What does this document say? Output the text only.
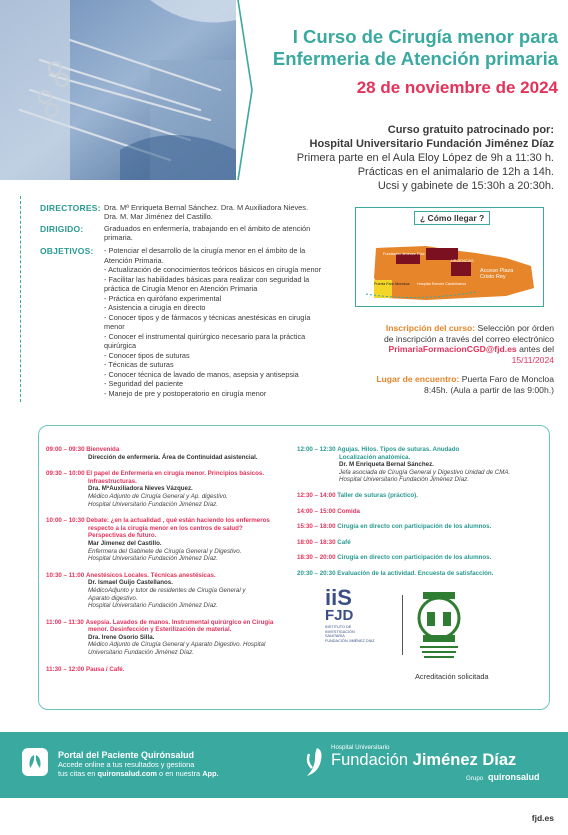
I Curso de Cirugía menor para
Enfermeria de Atención primaria
28 de noviembre de 2024
Curso gratuito patrocinado por:
Hospital Universitario Fundación Jiménez Díaz
Primera parte en el Aula Eloy López de 9h a 11:30 h.
Prácticas en el animalario de 12h a 14h.
Ucsi y gabinete de 15:30h a 20:30h.
DIRECTORES: Dra. Mª Enriqueta Bernal Sánchez. Dra. M Auxiliadora Nieves.
Dra. M. Mar Jiménez del Castillo.
DIRIGIDO:	Graduados en enfermería, trabajando en el ámbito de atención
primaria.
OBJETIVOS:
-	Potenciar el desarrollo de la cirugía menor en el ámbito de la Atención Primaria.
- Actualización de conocimientos teóricos básicos en cirugía menor
- Facilitar las habilidades básicas para realizar con seguridad la práctica de Cirugía Menor en Atención Primaria
- Práctica en quirófano experimental
- Asistencia a cirugía en directo
- Conocer tipos y de fármacos y técnicas anestésicas en cirugía menor
- Conocer el instrumental quirúrgico necesario para la práctica quirúrgica
- Conocer tipos de suturas
- Técnicas de suturas
- Conocer técnica de lavado de manos, asepsia y antisepsia
- Seguridad del paciente
- Manejo de pre y postoperatorio en cirugía menor
¿ Cómo llegar ?
URGENCIAS PEDIÁTRICAS
URGENCIAS
Puerta Faro Moncloa
Fundación Jiménez Díaz
Acceso Plaza Cristo Rey
Hospital Ramón Castelhanos
Inscripción del curso: Selección por órden
de inscripción a través del correo electrónico
PrimariaFormacionCGD@fjd.es antes del
15/11/2024
Lugar de encuentro: Puerta Faro de Moncloa
8:45h. (Aula a partir de las 9:00h.)
09:00 – 09:30 Bienvenida
Dirección de enfermería. Área de Continuidad asistencial.
09:30 – 10:00 El papel de Enfermeria en cirugía menor. Principios básicos.
Infraestructuras.
Dra. MªAuxiliadora Nieves Vázquez.
Médico Adjunto de Cirugía General y Ap. digestivo.
Hospital Universitario Fundación Jiménez Díaz.
10:00 – 10:30 Debate: ¿en la actualidad , qué están haciendo los enfermeros
respecto a la cirugía menor en los centros de salud?
Perspectivas de futuro.
Mar Jimenez del Castillo.
Enfermera del Gabinete de Cirugía General y Digestivo.
Hospital Universitario Fundación Jiménez Díaz.
10:30 – 11:00 Anestésicos Locales. Técnicas anestésicas.
Dr. Ismael Guijo Castellanos.
MédicoAdjunto y tutor de residentes de Cirugía General y
Aparato digestivo.
Hospital Universitario Fundación Jiménez Díaz.
11:00 – 11:30 Asepsia. Lavados de manos. Instrumental quirúrgico en Cirugía
menor. Desinfección y Esterilización de material.
Dra. Irene Osorio Silla.
Médico Adjunto de Cirugía General y Aparato Digestivo. Hospital
Universitario Fundación Jiménez Díaz.
11:30 – 12:00 Pausa / Café.
12:00 – 12:30 Agujas. Hilos. Tipos de suturas. Anudado
Localización anatómica.
Dr. M Enriqueta Bernal Sánchez.
Jefa asociada de Cirugía General y Digestivo Unidad de CMA.
Hospital Universitario Fundación Jiménez Díaz.
12:30 – 14:00 Taller de suturas (práctico).
14:00 – 15:00 Comida
15:30 – 18:00 Cirugía en directo con participación de los alumnos.
18:00 – 18:30 Café
18:30 – 20:00 Cirugía en directo con participación de los alumnos.
20:30 – 20:30 Evaluación de la actividad. Encuesta de satisfacción.
iiS
FJD
INSTITUTO DE
INVESTIGACIÓN
SANITARIA
FUNDACIÓN JIMÉNEZ DÍAZ
Acreditación solicitada
Portal del Paciente Quirónsalud
Accede online a tus resultados y gestiona
tus citas en quironsalud.com o en nuestra App.
Hospital Universitario
Fundación Jiménez Díaz
Grupo quironsalud
fjd.es
